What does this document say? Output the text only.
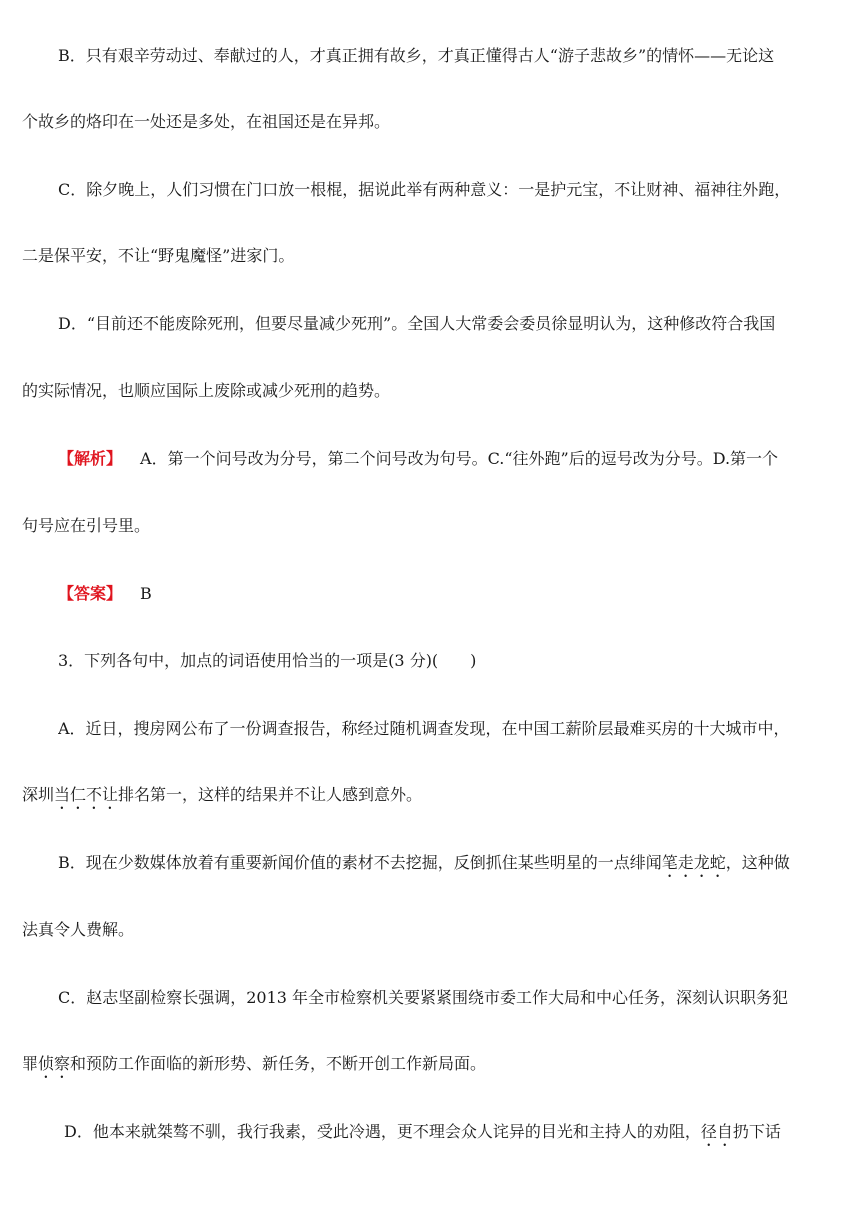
B．只有艰辛劳动过、奉献过的人，才真正拥有故乡，才真正懂得古人“游子悲故乡”的情怀——无论这
个故乡的烙印在一处还是多处，在祖国还是在异邦。
C．除夕晚上，人们习惯在门口放一根棍，据说此举有两种意义：一是护元宝，不让财神、福神往外跑，
二是保平安，不让“野鬼魔怪”进家门。
D．“目前还不能废除死刑，但要尽量减少死刑”。全国人大常委会委员徐显明认为，这种修改符合我国
的实际情况，也顺应国际上废除或减少死刑的趋势。
【解析】 A．第一个问号改为分号，第二个问号改为句号。C.“往外跑”后的逗号改为分号。D.第一个
句号应在引号里。
【答案】 B
3．下列各句中，加点的词语使用恰当的一项是(3 分)(　　)
A．近日，搜房网公布了一份调查报告，称经过随机调查发现，在中国工薪阶层最难买房的十大城市中，
深圳当仁不让排名第一，这样的结果并不让人感到意外。
B．现在少数媒体放着有重要新闻价值的素材不去挖掘，反倒抓住某些明星的一点绯闻笔走龙蛇，这种做
法真令人费解。
C．赵志坚副检察长强调，2013 年全市检察机关要紧紧围绕市委工作大局和中心任务，深刻认识职务犯
罪侦察和预防工作面临的新形势、新任务，不断开创工作新局面。
D．他本来就桀骜不驯，我行我素，受此冷遇，更不理会众人诧异的目光和主持人的劝阻，径自扔下话
